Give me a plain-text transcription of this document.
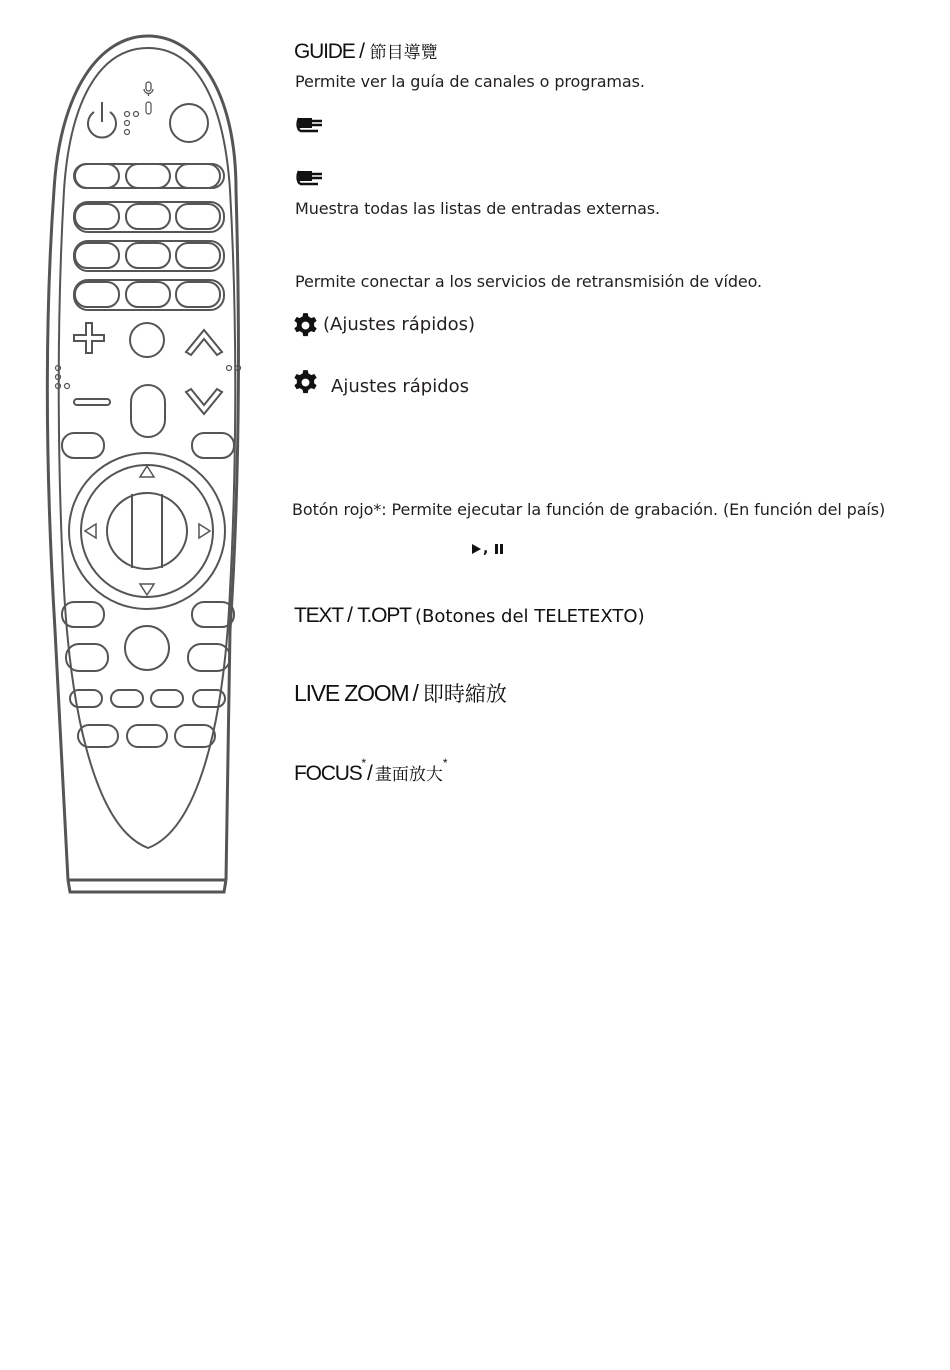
GUIDE / 節目導覽
Permite ver la guía de canales o programas.
Muestra todas las listas de entradas externas.
Permite conectar a los servicios de retransmisión de vídeo.
(Ajustes rápidos)
Ajustes rápidos
Botón rojo*: Permite ejecutar la función de grabación. (En función del país)
,
TEXT / T.OPT (Botones del TELETEXTO)
LIVE ZOOM / 即時縮放
FOCUS*/ 畫面放大*
